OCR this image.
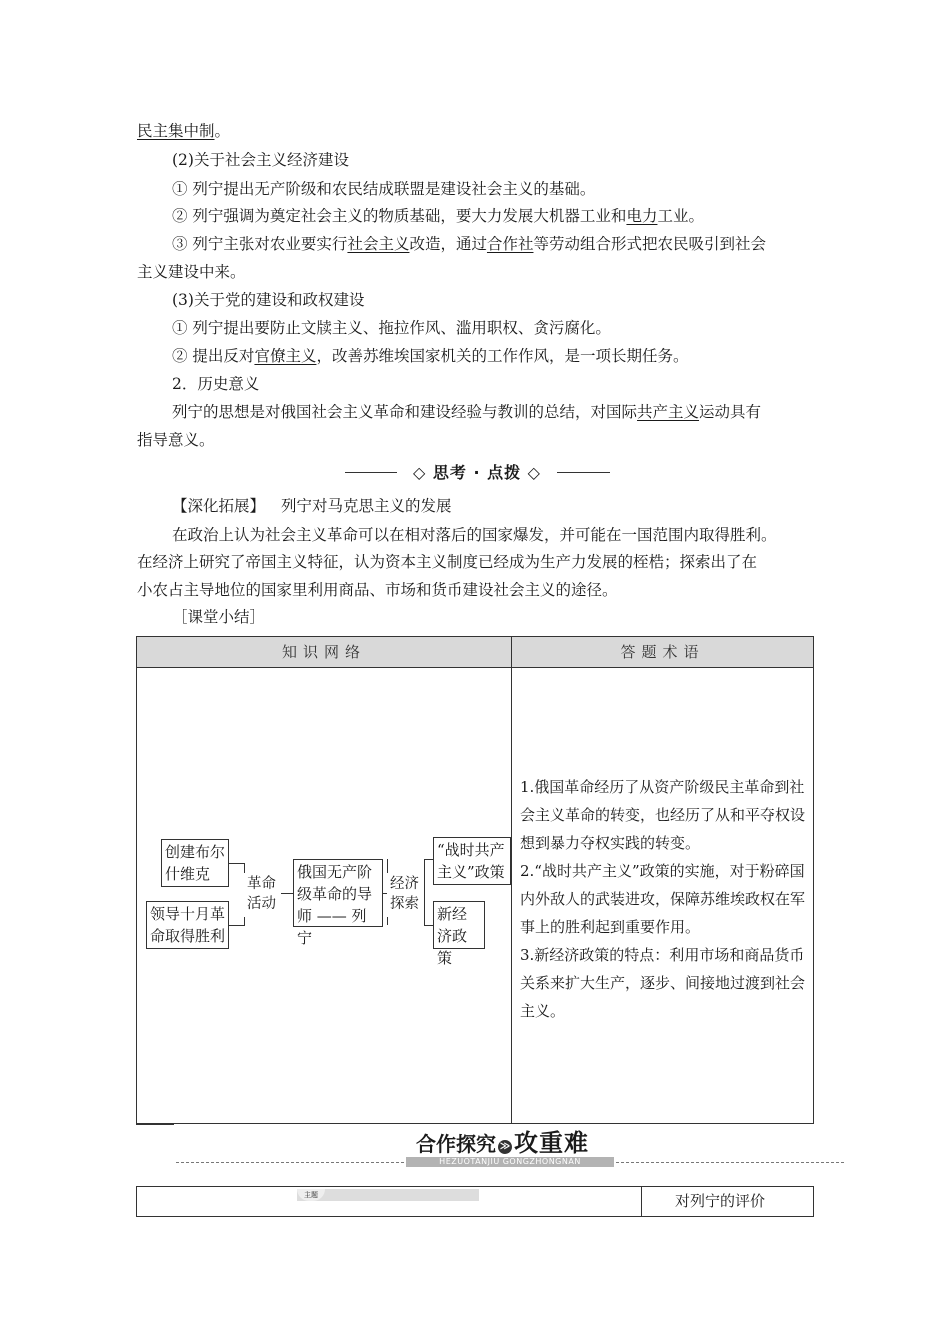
民主集中制。
(2)关于社会主义经济建设
① 列宁提出无产阶级和农民结成联盟是建设社会主义的基础。
② 列宁强调为奠定社会主义的物质基础，要大力发展大机器工业和电力工业。
③ 列宁主张对农业要实行社会主义改造，通过合作社等劳动组合形式把农民吸引到社会
主义建设中来。
(3)关于党的建设和政权建设
① 列宁提出要防止文牍主义、拖拉作风、滥用职权、贪污腐化。
② 提出反对官僚主义，改善苏维埃国家机关的工作作风，是一项长期任务。
2．历史意义
列宁的思想是对俄国社会主义革命和建设经验与教训的总结，对国际共产主义运动具有
指导意义。
◇ 思考 · 点拨 ◇
【深化拓展】 列宁对马克思主义的发展
在政治上认为社会主义革命可以在相对落后的国家爆发，并可能在一国范围内取得胜利。
在经济上研究了帝国主义特征，认为资本主义制度已经成为生产力发展的桎梏；探索出了在
小农占主导地位的国家里利用商品、市场和货币建设社会主义的途径。
［课堂小结］
知识网络	答题术语
创建布尔什维克
领导十月革命取得胜利
革命活动
俄国无产阶级革命的导师 —— 列宁
经济探索
“战时共产主义”政策
新经济政策

1.俄国革命经历了从资产阶级民主革命到社会主义革命的转变，也经历了从和平夺权设想到暴力夺权实践的转变。

2.“战时共产主义”政策的实施，对于粉碎国内外敌人的武装进攻，保障苏维埃政权在军事上的胜利起到重要作用。

3.新经济政策的特点：利用市场和商品货币关系来扩大生产，逐步、间接地过渡到社会主义。

合作探究 ≫ 攻重难
HEZUOTANJIU GONGZHONGNAN
主题	对列宁的评价
